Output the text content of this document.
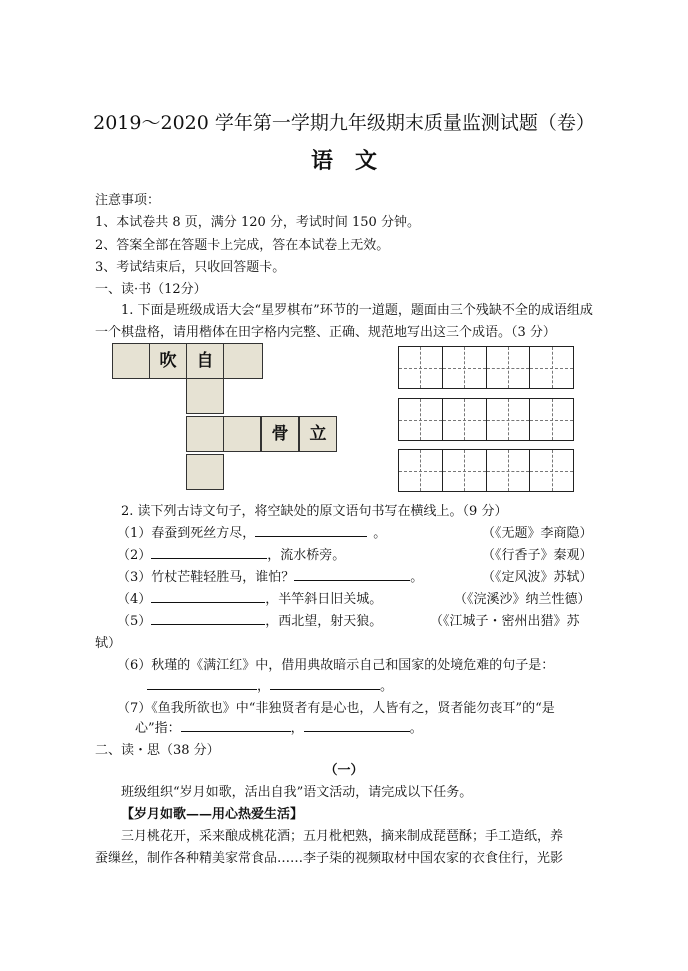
2019～2020 学年第一学期九年级期末质量监测试题（卷）
语文
注意事项：
1、本试卷共 8 页，满分 120 分，考试时间 150 分钟。
2、答案全部在答题卡上完成，答在本试卷上无效。
3、考试结束后，只收回答题卡。
一、读·书（12分）
1. 下面是班级成语大会“星罗棋布”环节的一道题，题面由三个残缺不全的成语组成
一个棋盘格，请用楷体在田字格内完整、正确、规范地写出这三个成语。（3 分）
吹	自
骨	立
2. 读下列古诗文句子，将空缺处的原文语句书写在横线上。（9 分）
（1）春蚕到死丝方尽，	。	（《无题》李商隐）
（2）	，流水桥旁。	（《行香子》秦观）
（3）竹杖芒鞋轻胜马，谁怕？	。	（《定风波》苏轼）
（4）	，半竿斜日旧关城。	（《浣溪沙》纳兰性德）
（5）	，西北望，射天狼。	（《江城子・密州出猎》苏
轼）
（6）秋瑾的《满江红》中，借用典故暗示自己和国家的处境危难的句子是：
，	。
（7）《鱼我所欲也》中“非独贤者有是心也，人皆有之，贤者能勿丧耳”的“是
心”指：	，	。
二、读・思（38 分）
（一）
班级组织“岁月如歌，活出自我”语文活动，请完成以下任务。
【岁月如歌——用心热爱生活】
三月桃花开，采来酿成桃花酒；五月枇杷熟，摘来制成琵琶酥；手工造纸，养
蚕缫丝，制作各种精美家常食品……李子柒的视频取材中国农家的衣食住行，光影
